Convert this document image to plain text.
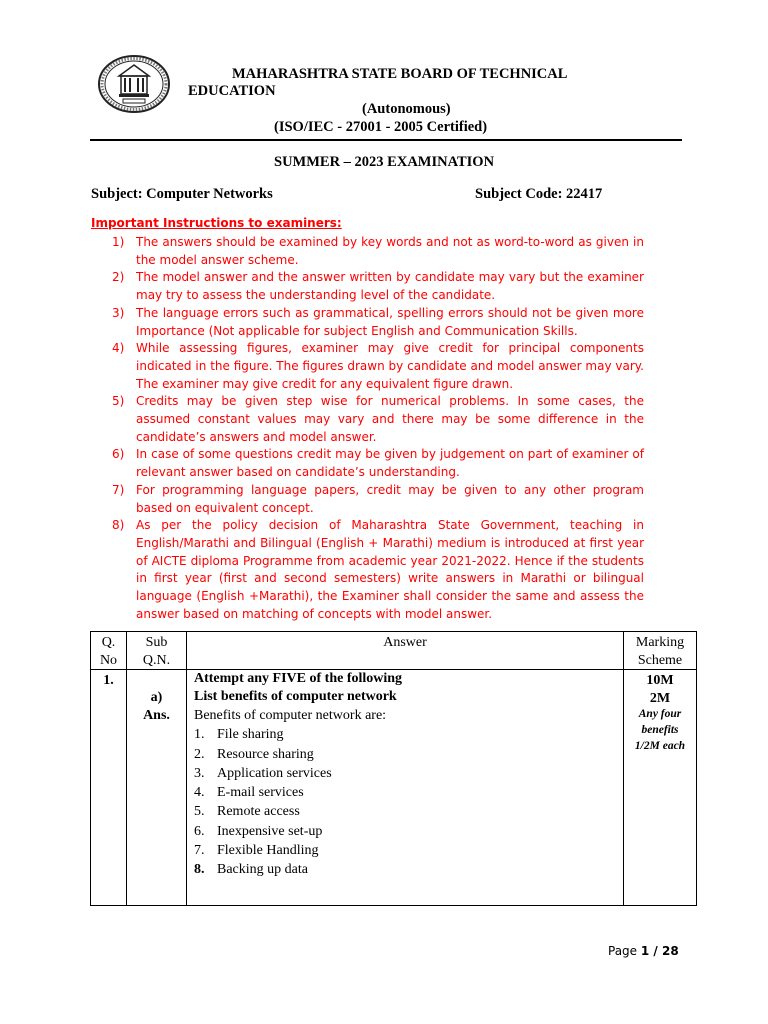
MAHARASHTRA STATE BOARD OF TECHNICAL
EDUCATION
(Autonomous)
(ISO/IEC - 27001 - 2005 Certified)
SUMMER – 2023 EXAMINATION
Subject: Computer Networks	Subject Code: 22417
Important Instructions to examiners:
1) The answers should be examined by key words and not as word-to-word as given in the model answer scheme.
2) The model answer and the answer written by candidate may vary but the examiner may try to assess the understanding level of the candidate.
3) The language errors such as grammatical, spelling errors should not be given more Importance (Not applicable for subject English and Communication Skills.
4) While assessing figures, examiner may give credit for principal components indicated in the figure. The figures drawn by candidate and model answer may vary. The examiner may give credit for any equivalent figure drawn.
5) Credits may be given step wise for numerical problems. In some cases, the assumed constant values may vary and there may be some difference in the candidate’s answers and model answer.
6) In case of some questions credit may be given by judgement on part of examiner of relevant answer based on candidate’s understanding.
7) For programming language papers, credit may be given to any other program based on equivalent concept.
8) As per the policy decision of Maharashtra State Government, teaching in English/Marathi and Bilingual (English + Marathi) medium is introduced at first year of AICTE diploma Programme from academic year 2021-2022. Hence if the students in first year (first and second semesters) write answers in Marathi or bilingual language (English +Marathi), the Examiner shall consider the same and assess the answer based on matching of concepts with model answer.
Q.
No
Sub
Q.N.
Answer	Marking
Scheme
1.
a)
Ans.
Attempt any FIVE of the following
List benefits of computer network
Benefits of computer network are:
1. File sharing
2. Resource sharing
3. Application services
4. E-mail services
5. Remote access
6. Inexpensive set-up
7. Flexible Handling
8. Backing up data
10M
2M
Any four
benefits
1/2M each
Page 1 / 28
